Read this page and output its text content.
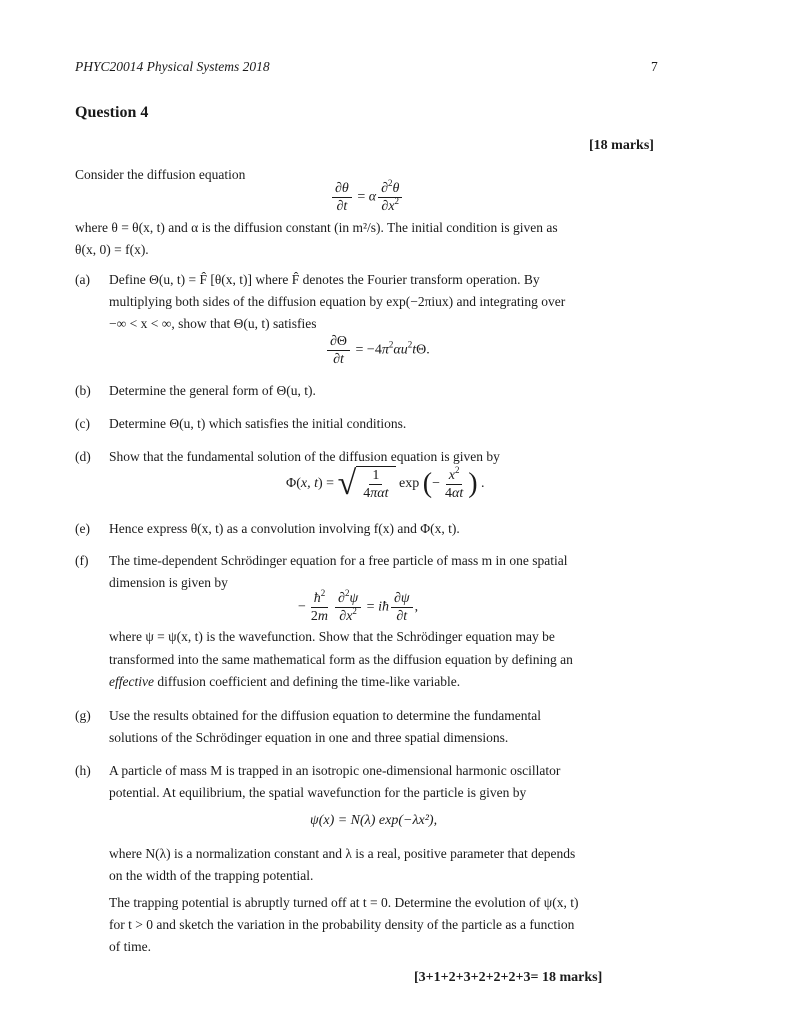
PHYC20014 Physical Systems 2018	7
Question 4
[18 marks]
Consider the diffusion equation
$\frac{\partial\theta}{\partial t} = \alpha \frac{\partial^2\theta}{\partial x^2}$
where θ = θ(x, t) and α is the diffusion constant (in m²/s). The initial condition is given as
θ(x, 0) = f(x).
(a) Define Θ(u, t) = F̂ [θ(x, t)] where F̂ denotes the Fourier transform operation. By
multiplying both sides of the diffusion equation by exp(−2πiux) and integrating over
−∞ < x < ∞, show that Θ(u, t) satisfies
$\frac{\partial\Theta}{\partial t} = -4\pi^2\alpha u^2t\Theta$.
(b) Determine the general form of Θ(u, t).
(c) Determine Θ(u, t) which satisfies the initial conditions.
(d) Show that the fundamental solution of the diffusion equation is given by
Φ(x, t) = √ $\frac{1}{\text{4παt}}$ exp (− $\frac{x^2}{4\alpha t}$ ) .
(e) Hence express θ(x, t) as a convolution involving f(x) and Φ(x, t).
(f) The time-dependent Schrödinger equation for a free particle of mass m in one spatial
dimension is given by
− $\frac{ħ^2}{2m} \frac{\partial^2\psi}{\partial x^2}$ = iħ $\frac{\partial\psi}{\partial t}$ ,
where ψ = ψ(x, t) is the wavefunction. Show that the Schrödinger equation may be
transformed into the same mathematical form as the diffusion equation by defining an
effective diffusion coefficient and defining the time-like variable.
(g) Use the results obtained for the diffusion equation to determine the fundamental
solutions of the Schrödinger equation in one and three spatial dimensions.
(h) A particle of mass M is trapped in an isotropic one-dimensional harmonic oscillator
potential. At equilibrium, the spatial wavefunction for the particle is given by
ψ(x) = N(λ) exp(−λx²),
where N(λ) is a normalization constant and λ is a real, positive parameter that depends
on the width of the trapping potential.
The trapping potential is abruptly turned off at t = 0. Determine the evolution of ψ(x, t)
for t > 0 and sketch the variation in the probability density of the particle as a function
of time.
[3+1+2+3+2+2+2+3= 18 marks]
